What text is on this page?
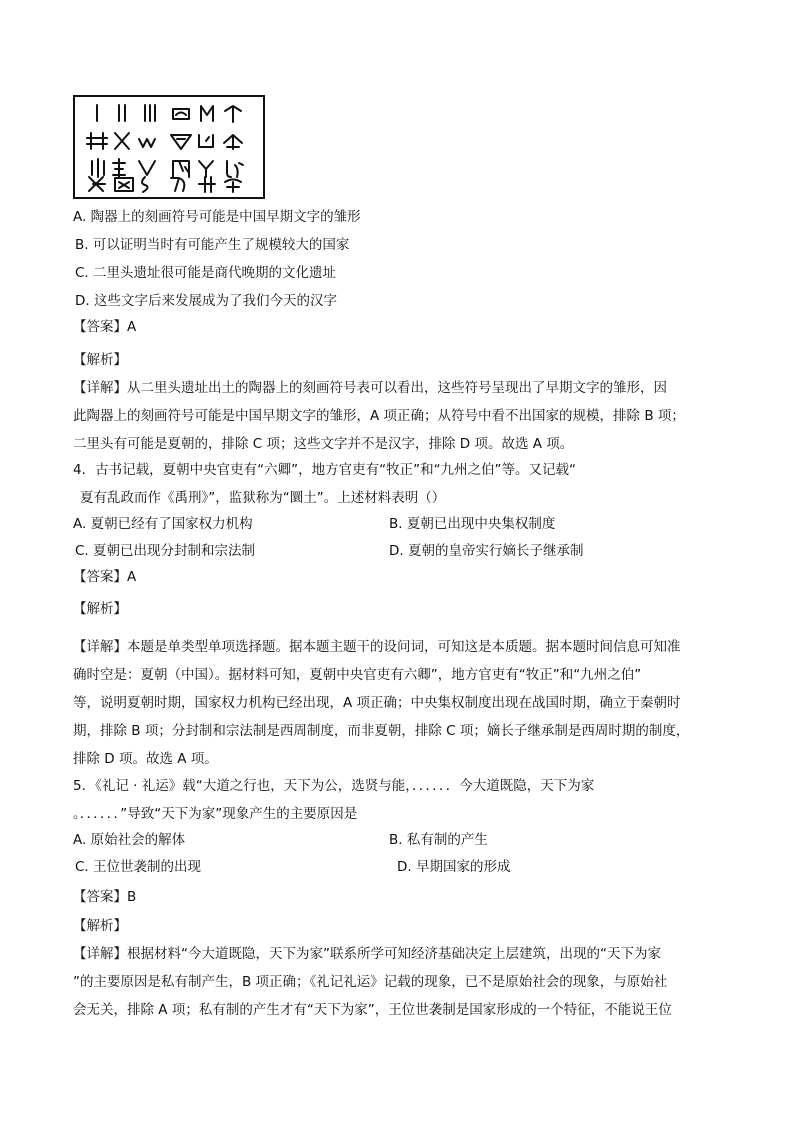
A. 陶器上的刻画符号可能是中国早期文字的雏形
B. 可以证明当时有可能产生了规模较大的国家
C. 二里头遗址很可能是商代晚期的文化遗址
D. 这些文字后来发展成为了我们今天的汉字
【答案】A
【解析】
【详解】从二里头遗址出土的陶器上的刻画符号表可以看出，这些符号呈现出了早期文字的雏形，因
此陶器上的刻画符号可能是中国早期文字的雏形，A 项正确；从符号中看不出国家的规模，排除 B 项；
二里头有可能是夏朝的，排除 C 项；这些文字并不是汉字，排除 D 项。故选 A 项。
4．古书记载，夏朝中央官吏有“六卿”，地方官吏有“牧正”和“九州之伯”等。又记载“
夏有乱政而作《禹刑》”，监狱称为“圜土”。上述材料表明（）
A. 夏朝已经有了国家权力机构	B. 夏朝已出现中央集权制度
C. 夏朝已出现分封制和宗法制	D. 夏朝的皇帝实行嫡长子继承制
【答案】A
【解析】
【详解】本题是单类型单项选择题。据本题主题干的设问词，可知这是本质题。据本题时间信息可知准
确时空是：夏朝（中国）。据材料可知，夏朝中央官吏有六卿”，地方官吏有“牧正”和“九州之伯”
等，说明夏朝时期，国家权力机构已经出现，A 项正确；中央集权制度出现在战国时期，确立于秦朝时
期，排除 B 项；分封制和宗法制是西周制度，而非夏朝，排除 C 项；嫡长子继承制是西周时期的制度，
排除 D 项。故选 A 项。
5．《礼记 · 礼运》载“大道之行也，天下为公，选贤与能，．．．．．．今大道既隐，天下为家
。．．．．．．”导致“天下为家”现象产生的主要原因是
A. 原始社会的解体	B. 私有制的产生
C. 王位世袭制的出现	D. 早期国家的形成
【答案】B
【解析】
【详解】根据材料“今大道既隐，天下为家”联系所学可知经济基础决定上层建筑，出现的“天下为家
”的主要原因是私有制产生，B 项正确；《礼记礼运》记载的现象，已不是原始社会的现象，与原始社
会无关，排除 A 项；私有制的产生才有“天下为家”，王位世袭制是国家形成的一个特征，不能说王位
